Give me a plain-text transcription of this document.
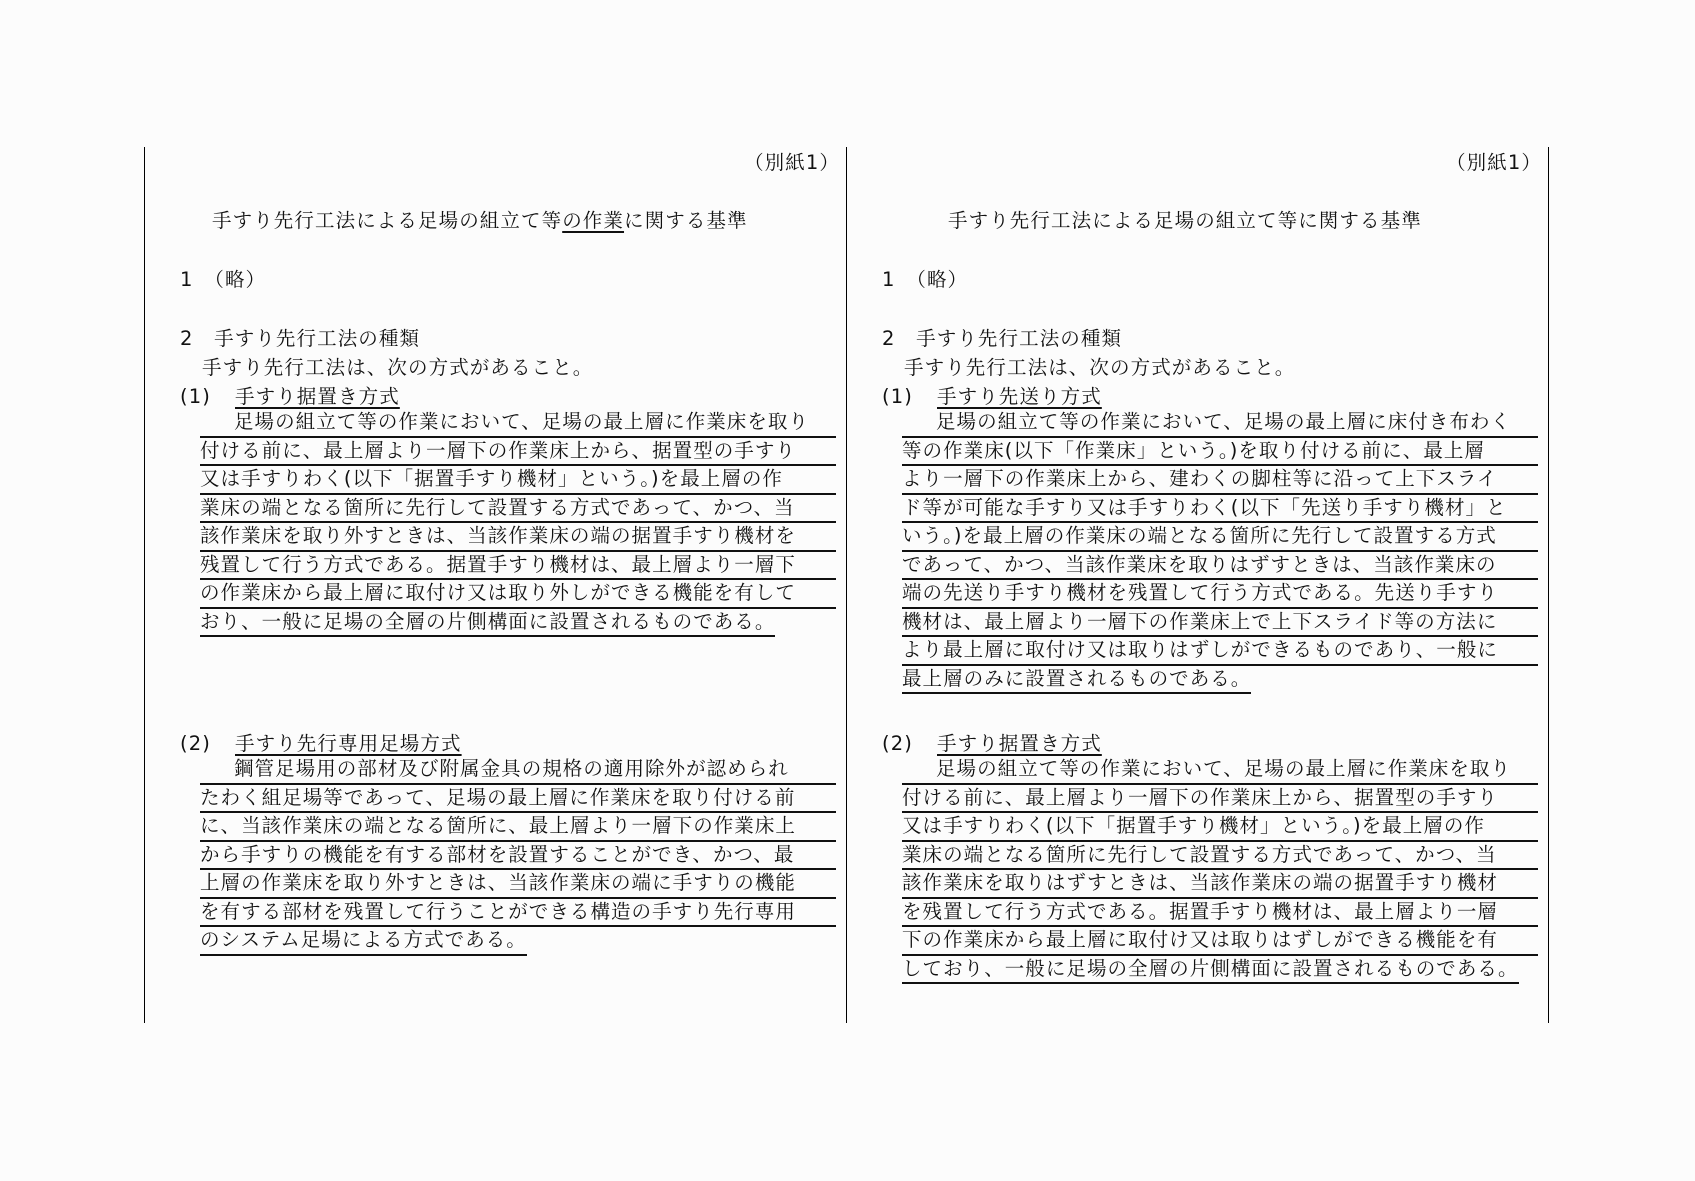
（別紙1）
手すり先行工法による足場の組立て等の作業に関する基準
1　（略）
2　手すり先行工法の種類
手すり先行工法は、次の方式があること。
(1) 手すり据置き方式
足場の組立て等の作業において、足場の最上層に作業床を取り
付ける前に、最上層より一層下の作業床上から、据置型の手すり
又は手すりわく(以下「据置手すり機材」という。)を最上層の作
業床の端となる箇所に先行して設置する方式であって、かつ、当
該作業床を取り外すときは、当該作業床の端の据置手すり機材を
残置して行う方式である。据置手すり機材は、最上層より一層下
の作業床から最上層に取付け又は取り外しができる機能を有して
おり、一般に足場の全層の片側構面に設置されるものである。
(2) 手すり先行専用足場方式
鋼管足場用の部材及び附属金具の規格の適用除外が認められ
たわく組足場等であって、足場の最上層に作業床を取り付ける前
に、当該作業床の端となる箇所に、最上層より一層下の作業床上
から手すりの機能を有する部材を設置することができ、かつ、最
上層の作業床を取り外すときは、当該作業床の端に手すりの機能
を有する部材を残置して行うことができる構造の手すり先行専用
のシステム足場による方式である。
（別紙1）
手すり先行工法による足場の組立て等に関する基準
1　（略）
2　手すり先行工法の種類
手すり先行工法は、次の方式があること。
(1) 手すり先送り方式
足場の組立て等の作業において、足場の最上層に床付き布わく
等の作業床(以下「作業床」という。)を取り付ける前に、最上層
より一層下の作業床上から、建わくの脚柱等に沿って上下スライ
ド等が可能な手すり又は手すりわく(以下「先送り手すり機材」と
いう。)を最上層の作業床の端となる箇所に先行して設置する方式
であって、かつ、当該作業床を取りはずすときは、当該作業床の
端の先送り手すり機材を残置して行う方式である。先送り手すり
機材は、最上層より一層下の作業床上で上下スライド等の方法に
より最上層に取付け又は取りはずしができるものであり、一般に
最上層のみに設置されるものである。
(2) 手すり据置き方式
足場の組立て等の作業において、足場の最上層に作業床を取り
付ける前に、最上層より一層下の作業床上から、据置型の手すり
又は手すりわく(以下「据置手すり機材」という。)を最上層の作
業床の端となる箇所に先行して設置する方式であって、かつ、当
該作業床を取りはずすときは、当該作業床の端の据置手すり機材
を残置して行う方式である。据置手すり機材は、最上層より一層
下の作業床から最上層に取付け又は取りはずしができる機能を有
しており、一般に足場の全層の片側構面に設置されるものである。
